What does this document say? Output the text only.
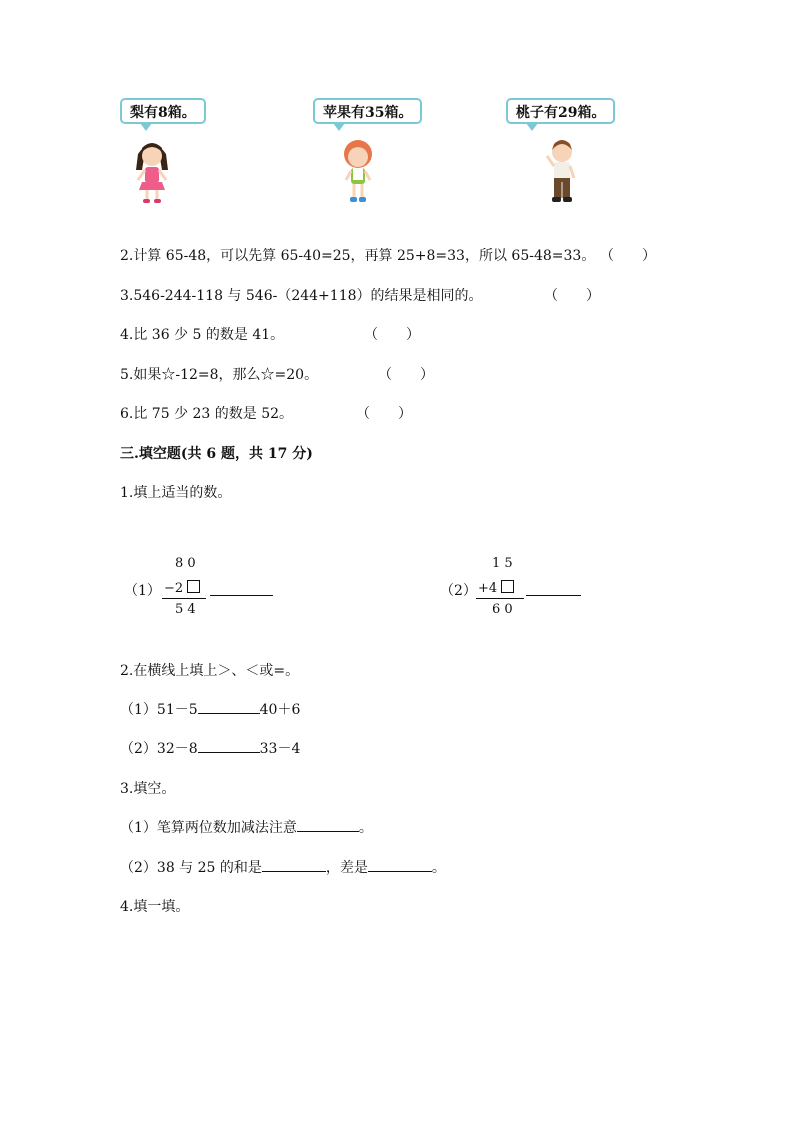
梨有8箱。	苹果有35箱。	桃子有29箱。
2.计算 65-48，可以先算 65-40=25，再算 25+8=33，所以 65-48=33。 （　　）
3.546-244-118 与 546-（244+118）的结果是相同的。	（　　）
4.比 36 少 5 的数是 41。	（　　）
5.如果☆-12=8，那么☆=20。	（　　）
6.比 75 少 23 的数是 52。	（　　）
三.填空题(共 6 题，共 17 分)
1.填上适当的数。
（1）
8 0
−2
5 4
（2）
1 5
+4
6 0
2.在横线上填上＞、＜或=。
（1）51－5	40＋6
（2）32－8	33－4
3.填空。
（1）笔算两位数加减法注意	。
（2）38 与 25 的和是	，差是	。
4.填一填。
